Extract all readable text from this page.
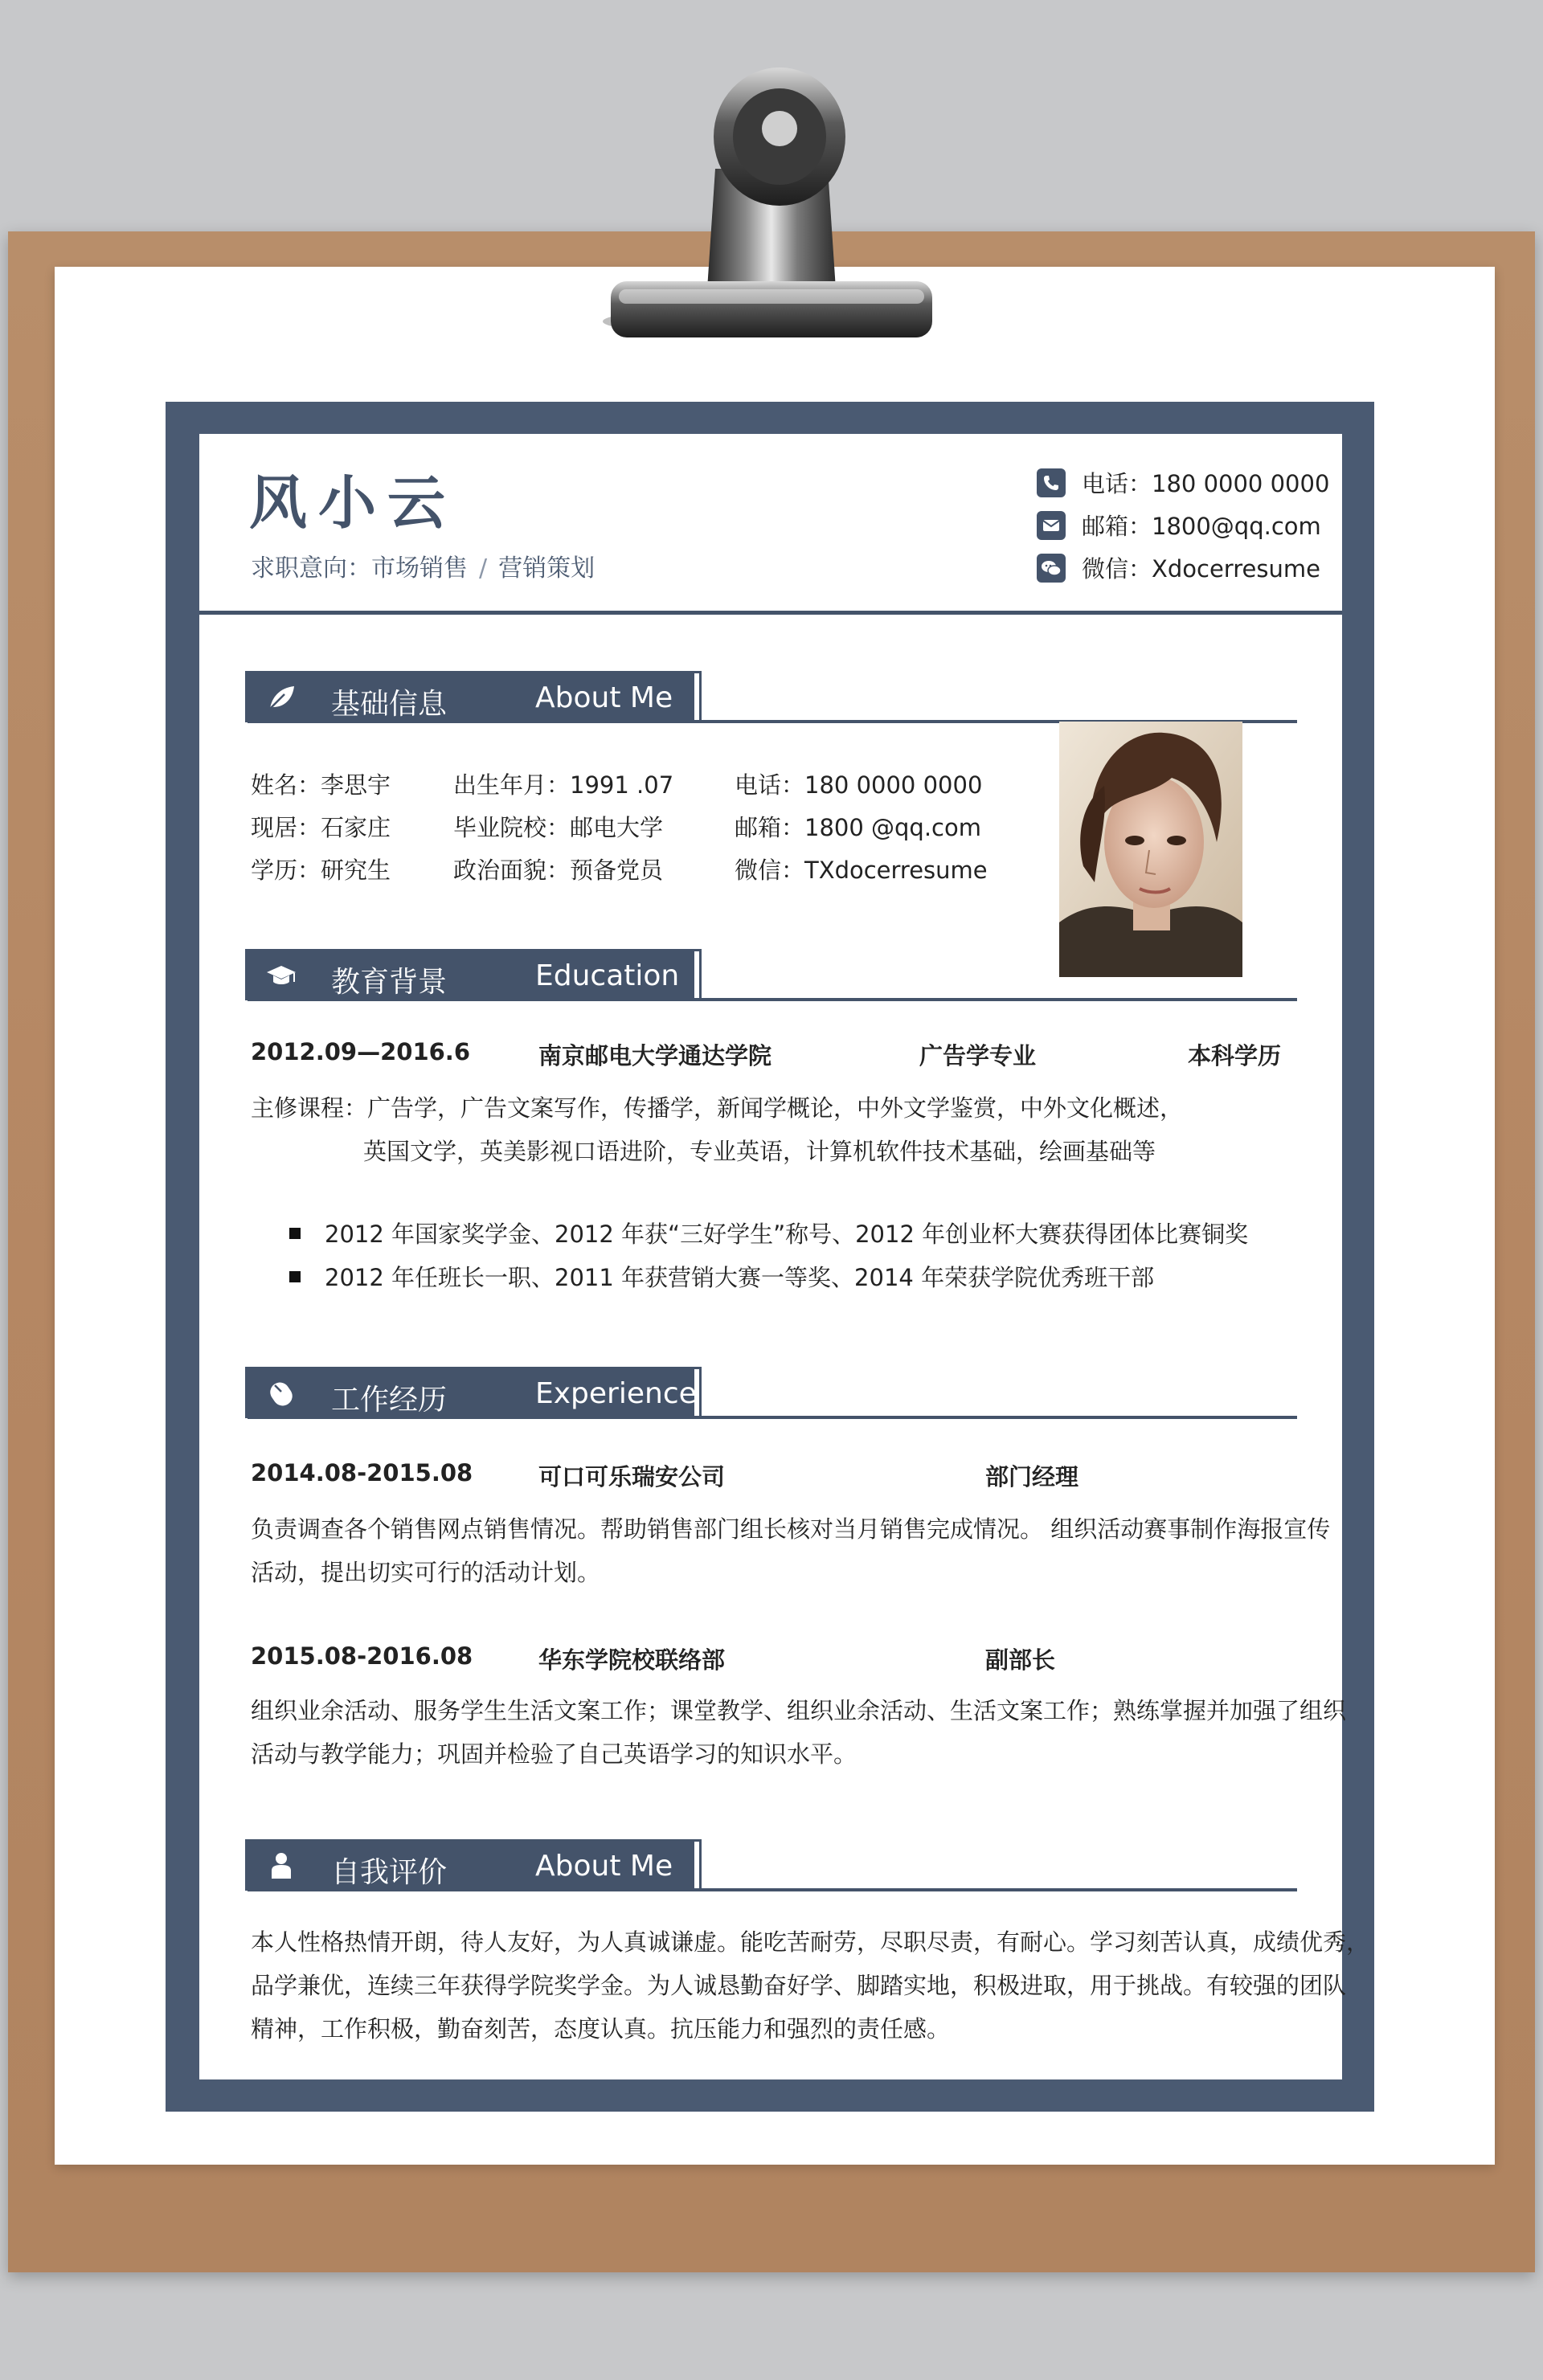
风小云
求职意向：市场销售 / 营销策划
电话：180 0000 0000
邮箱：1800@qq.com
微信：Xdocerresume
基础信息	About Me
姓名：李思宇	出生年月：1991 .07	电话：180 0000 0000
现居：石家庄	毕业院校：邮电大学	邮箱：1800 @qq.com
学历：研究生	政治面貌：预备党员	微信：TXdocerresume
教育背景	Education
2012.09—2016.6	南京邮电大学通达学院	广告学专业	本科学历
主修课程：广告学，广告文案写作，传播学，新闻学概论，中外文学鉴赏，中外文化概述，
英国文学，英美影视口语进阶，专业英语，计算机软件技术基础，绘画基础等
2012 年国家奖学金、2012 年获“三好学生”称号、2012 年创业杯大赛获得团体比赛铜奖
2012 年任班长一职、2011 年获营销大赛一等奖、2014 年荣获学院优秀班干部
工作经历	Experience
2014.08-2015.08	可口可乐瑞安公司	部门经理
负责调查各个销售网点销售情况。帮助销售部门组长核对当月销售完成情况。 组织活动赛事制作海报宣传
活动，提出切实可行的活动计划。
2015.08-2016.08	华东学院校联络部	副部长
组织业余活动、服务学生生活文案工作；课堂教学、组织业余活动、生活文案工作；熟练掌握并加强了组织
活动与教学能力；巩固并检验了自己英语学习的知识水平。
自我评价	About Me
本人性格热情开朗，待人友好，为人真诚谦虚。能吃苦耐劳，尽职尽责，有耐心。学习刻苦认真，成绩优秀，
品学兼优，连续三年获得学院奖学金。为人诚恳勤奋好学、脚踏实地，积极进取，用于挑战。有较强的团队
精神，工作积极，勤奋刻苦，态度认真。抗压能力和强烈的责任感。
